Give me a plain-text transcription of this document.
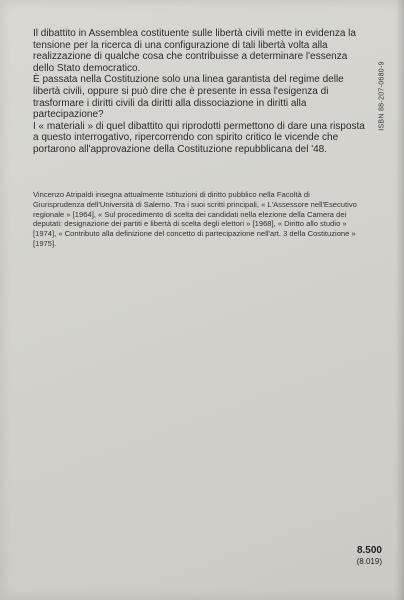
ISBN 88-207-0680-9

Il dibattito in Assemblea costituente sulle libertà civili mette in evidenza la tensione per la ricerca di una configurazione di tali libertà volta alla realizzazione di qualche cosa che contribuisse a determinare l'essenza dello Stato democratico.

È passata nella Costituzione solo una linea garantista del regime delle libertà civili, oppure si può dire che è presente in essa l'esigenza di trasformare i diritti civili da diritti alla dissociazione in diritti alla partecipazione?

I « materiali » di quel dibattito qui riprodotti permettono di dare una risposta a questo interrogativo, ripercorrendo con spirito critico le vicende che portarono all'approvazione della Costituzione repubblicana del '48.

Vincenzo Atripaldi insegna attualmente Istituzioni di diritto pubblico nella Facoltà di Giurisprudenza dell'Università di Salerno. Tra i suoi scritti principali, « L'Assessore nell'Esecutivo regionale » [1964], « Sul procedimento di scelta dei candidati nella elezione della Camera dei deputati: designazione dei partiti e libertà di scelta degli elettori » [1968], « Diritto allo studio » [1974], « Contributo alla definizione del concetto di partecipazione nell'art. 3 della Costituzione » [1975].

8.500
(8.019)
